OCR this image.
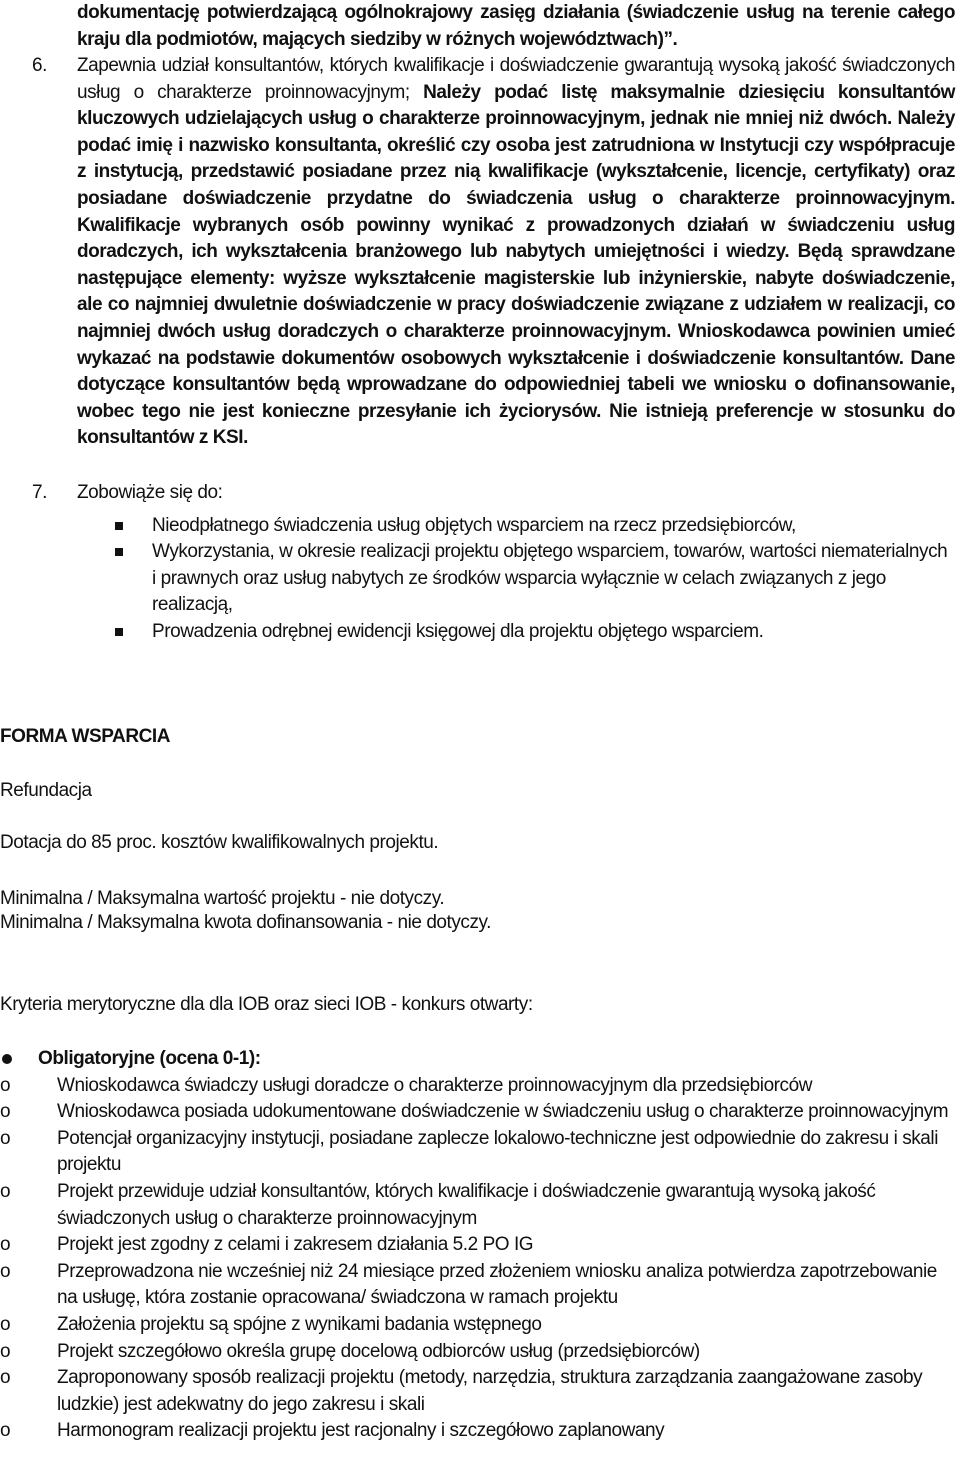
dokumentację potwierdzającą ogólnokrajowy zasięg działania (świadczenie usług na terenie całego kraju dla podmiotów, mających siedziby w różnych województwach)”.
6.	Zapewnia udział konsultantów, których kwalifikacje i doświadczenie gwarantują wysoką jakość świadczonych usług o charakterze proinnowacyjnym; Należy podać listę maksymalnie dziesięciu konsultantów kluczowych udzielających usług o charakterze proinnowacyjnym, jednak nie mniej niż dwóch. Należy podać imię i nazwisko konsultanta, określić czy osoba jest zatrudniona w Instytucji czy współpracuje z instytucją, przedstawić posiadane przez nią kwalifikacje (wykształcenie, licencje, certyfikaty) oraz posiadane doświadczenie przydatne do świadczenia usług o charakterze proinnowacyjnym. Kwalifikacje wybranych osób powinny wynikać z prowadzonych działań w świadczeniu usług doradczych, ich wykształcenia branżowego lub nabytych umiejętności i wiedzy. Będą sprawdzane następujące elementy: wyższe wykształcenie magisterskie lub inżynierskie, nabyte doświadczenie, ale co najmniej dwuletnie doświadczenie w pracy doświadczenie związane z udziałem w realizacji, co najmniej dwóch usług doradczych o charakterze proinnowacyjnym. Wnioskodawca powinien umieć wykazać na podstawie dokumentów osobowych wykształcenie i doświadczenie konsultantów. Dane dotyczące konsultantów będą wprowadzane do odpowiedniej tabeli we wniosku o dofinansowanie, wobec tego nie jest konieczne przesyłanie ich życiorysów. Nie istnieją preferencje w stosunku do konsultantów z KSI.
7.	Zobowiąże się do:
Nieodpłatnego świadczenia usług objętych wsparciem na rzecz przedsiębiorców,
Wykorzystania, w okresie realizacji projektu objętego wsparciem, towarów, wartości niematerialnych i prawnych oraz usług nabytych ze środków wsparcia wyłącznie w celach związanych z jego realizacją,
Prowadzenia odrębnej ewidencji księgowej dla projektu objętego wsparciem.
FORMA WSPARCIA
Refundacja
Dotacja do 85 proc. kosztów kwalifikowalnych projektu.
Minimalna / Maksymalna wartość projektu - nie dotyczy.
Minimalna / Maksymalna kwota dofinansowania - nie dotyczy.
Kryteria merytoryczne dla dla IOB oraz sieci IOB - konkurs otwarty:
Obligatoryjne (ocena 0-1):
o Wnioskodawca świadczy usługi doradcze o charakterze proinnowacyjnym dla przedsiębiorców
o Wnioskodawca posiada udokumentowane doświadczenie w świadczeniu usług o charakterze proinnowacyjnym
o Potencjał organizacyjny instytucji, posiadane zaplecze lokalowo-techniczne jest odpowiednie do zakresu i skali projektu
o Projekt przewiduje udział konsultantów, których kwalifikacje i doświadczenie gwarantują wysoką jakość świadczonych usług o charakterze proinnowacyjnym
o Projekt jest zgodny z celami i zakresem działania 5.2 PO IG
o Przeprowadzona nie wcześniej niż 24 miesiące przed złożeniem wniosku analiza potwierdza zapotrzebowanie na usługę, która zostanie opracowana/ świadczona w ramach projektu
o Założenia projektu są spójne z wynikami badania wstępnego
o Projekt szczegółowo określa grupę docelową odbiorców usług (przedsiębiorców)
o Zaproponowany sposób realizacji projektu (metody, narzędzia, struktura zarządzania zaangażowane zasoby ludzkie) jest adekwatny do jego zakresu i skali
o Harmonogram realizacji projektu jest racjonalny i szczegółowo zaplanowany
